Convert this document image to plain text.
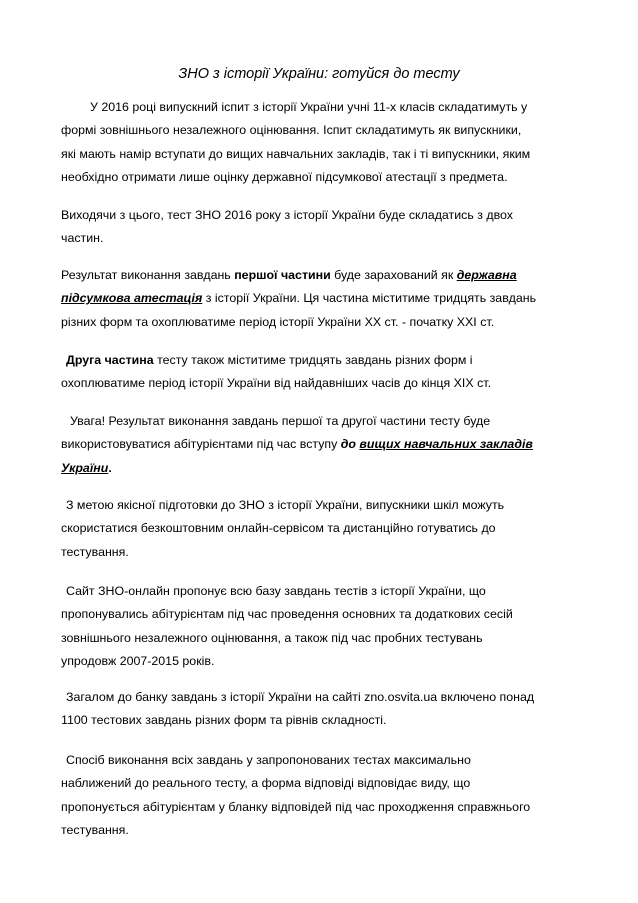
ЗНО з історії України: готуйся до тесту
У 2016 році випускний іспит з історії України учні 11-х класів складатимуть у
формі зовнішнього незалежного оцінювання. Іспит складатимуть як випускники,
які мають намір вступати до вищих навчальних закладів, так і ті випускники, яким
необхідно отримати лише оцінку державної підсумкової атестації з предмета.
Виходячи з цього, тест ЗНО 2016 року з історії України буде складатись з двох
частин.
Результат виконання завдань першої частини буде зарахований як державна
підсумкова атестація з історії України. Ця частина міститиме тридцять завдань
різних форм та охоплюватиме період історії України ХХ ст. - початку ХХІ ст.
Друга частина тесту також міститиме тридцять завдань різних форм і
охоплюватиме період історії України від найдавніших часів до кінця ХІХ ст.
Увага! Результат виконання завдань першої та другої частини тесту буде
використовуватися абітурієнтами під час вступу до вищих навчальних закладів
України.
З метою якісної підготовки до ЗНО з історії України, випускники шкіл можуть
скористатися безкоштовним онлайн-сервісом та дистанційно готуватись до
тестування.
Сайт ЗНО-онлайн пропонує всю базу завдань тестів з історії України, що
пропонувались абітурієнтам під час проведення основних та додаткових сесій
зовнішнього незалежного оцінювання, а також під час пробних тестувань
упродовж 2007-2015 років.
Загалом до банку завдань з історії України на сайті zno.osvita.ua включено понад
1100 тестових завдань різних форм та рівнів складності.
Спосіб виконання всіх завдань у запропонованих тестах максимально
наближений до реального тесту, а форма відповіді відповідає виду, що
пропонується абітурієнтам у бланку відповідей під час проходження справжнього
тестування.
